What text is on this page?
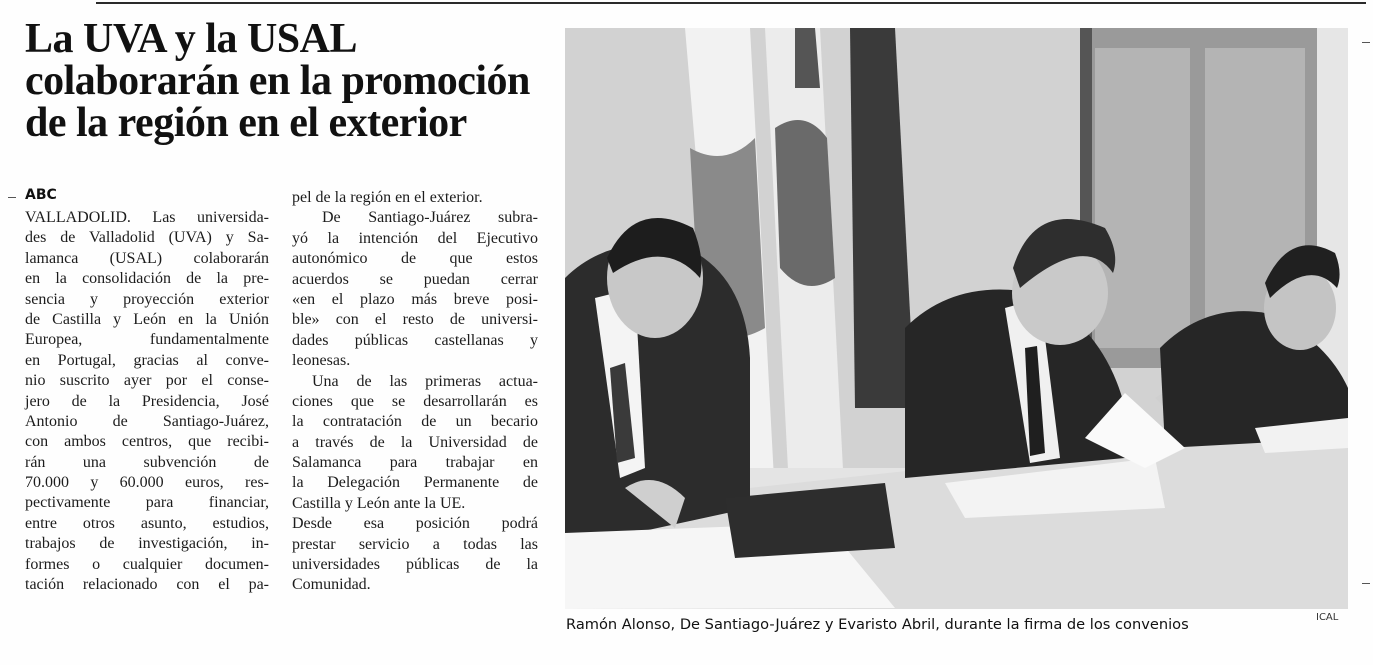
La UVA y la USAL
colaborarán en la promoción
de la región en el exterior
ABC

VALLADOLID. Las universida-

des de Valladolid (UVA) y Sa-

lamanca (USAL) colaborarán

en la consolidación de la pre-

sencia y proyección exterior

de Castilla y León en la Unión

Europea, fundamentalmente

en Portugal, gracias al conve-

nio suscrito ayer por el conse-

jero de la Presidencia, José

Antonio de Santiago-Juárez,

con ambos centros, que recibi-

rán una subvención de

70.000 y 60.000 euros, res-

pectivamente para financiar,

entre otros asunto, estudios,

trabajos de investigación, in-

formes o cualquier documen-

tación relacionado con el pa-

pel de la región en el exterior.

De Santiago-Juárez subra-

yó la intención del Ejecutivo

autonómico de que estos

acuerdos se puedan cerrar

«en el plazo más breve posi-

ble» con el resto de universi-

dades públicas castellanas y

leonesas.

Una de las primeras actua-

ciones que se desarrollarán es

la contratación de un becario

a través de la Universidad de

Salamanca para trabajar en

la Delegación Permanente de

Castilla y León ante la UE.

Desde esa posición podrá

prestar servicio a todas las

universidades públicas de la

Comunidad.

Ramón Alonso, De Santiago-Juárez y Evaristo Abril, durante la firma de los convenios	ICAL
